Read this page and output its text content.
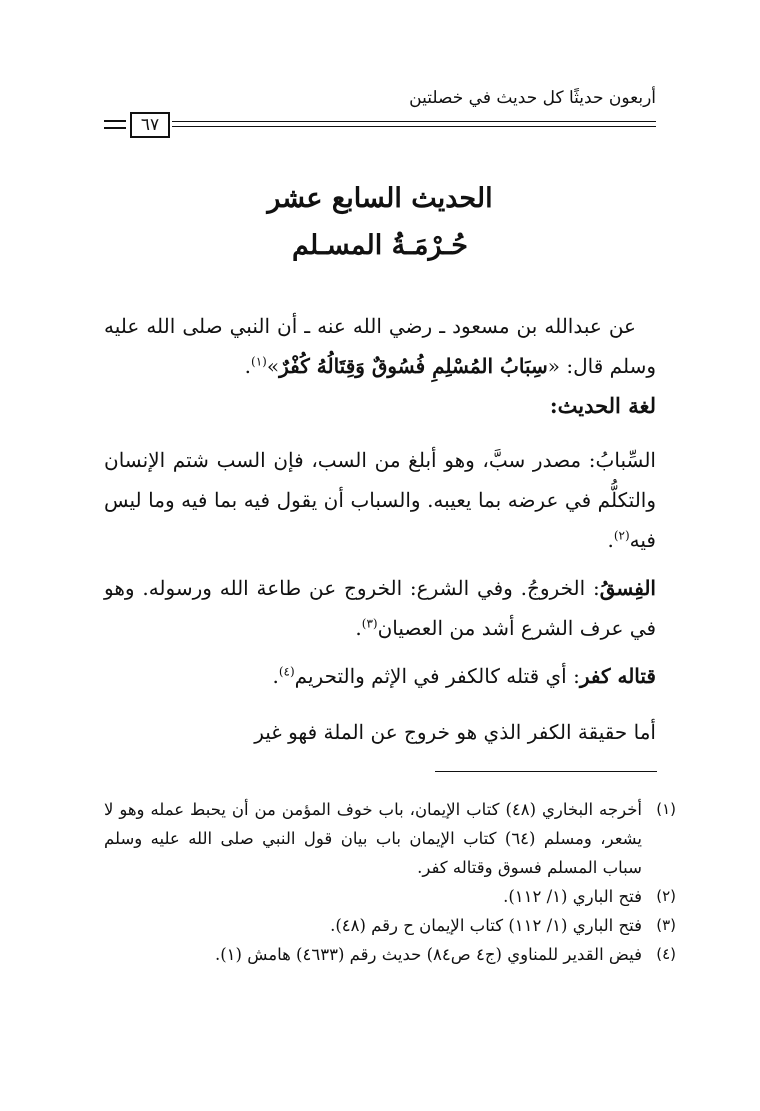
أربعون حديثًا كل حديث في خصلتين
٦٧
الحديث السابع عشر
حُـرْمَـةُ المسـلم
 عن عبدالله بن مسعود ـ رضي الله عنه ـ أن النبي صلى الله عليه وسلم قال: «سِبَابُ المُسْلِمِ فُسُوقٌ وَقِتَالُهُ كُفْرٌ»$^{(١)}$.
لغة الحديث:
السِّبابُ: مصدر سبَّ، وهو أبلغ من السب، فإن السب شتم الإنسان والتكلُّم في عرضه بما يعيبه. والسباب أن يقول فيه بما فيه وما ليس فيه$^{(٢)}$.
الفِسقُ: الخروجُ. وفي الشرع: الخروج عن طاعة الله ورسوله. وهو في عرف الشرع أشد من العصيان$^{(٣)}$.
قتاله كفر: أي قتله كالكفر في الإثم والتحريم$^{(٤)}$.
أما حقيقة الكفر الذي هو خروج عن الملة فهو غير
(١)
أخرجه البخاري (٤٨) كتاب الإيمان، باب خوف المؤمن من أن يحبط عمله وهو لا يشعر، ومسلم (٦٤) كتاب الإيمان باب بيان قول النبي صلى الله عليه وسلم سباب المسلم فسوق وقتاله كفر.
(٢)
فتح الباري (١/ ١١٢).
(٣)
فتح الباري (١/ ١١٢) كتاب الإيمان ح رقم (٤٨).
(٤)
فيض القدير للمناوي (ج٤ ص٨٤) حديث رقم (٤٦٣٣) هامش (١).
